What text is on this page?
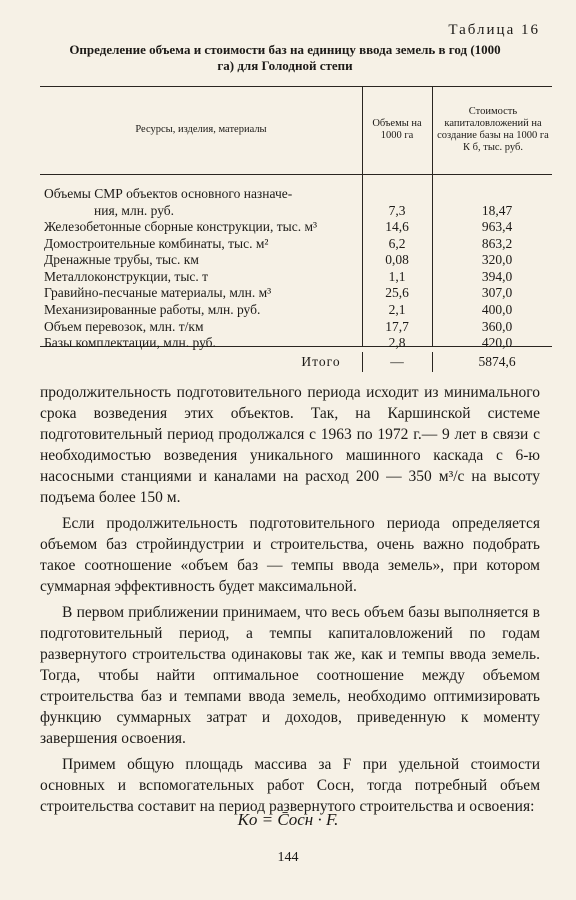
Таблица 16
Определение объема и стоимости баз на единицу ввода земель в год (1000 га) для Голодной степи
Ресурсы, изделия, материалы
Объемы на 1000 га
Стоимость капиталовложений на создание базы на 1000 га К б, тыс. руб.
Объемы СМР объектов основного назначе-
ния, млн. руб.	7,3	18,47
Железобетонные сборные конструкции, тыс. м³	14,6	963,4
Домостроительные комбинаты, тыс. м²	6,2	863,2
Дренажные трубы, тыс. км	0,08	320,0
Металлоконструкции, тыс. т	1,1	394,0
Гравийно-песчаные материалы, млн. м³	25,6	307,0
Механизированные работы, млн. руб.	2,1	400,0
Объем перевозок, млн. т/км	17,7	360,0
Базы комплектации, млн. руб.	2,8	420,0
Итого	—	5874,6

продолжительность подготовительного периода исходит из минимального срока возведения этих объектов. Так, на Каршинской системе подготовительный период продолжался с 1963 по 1972 г.— 9 лет в связи с необходимостью возведения уникального машинного каскада с 6-ю насосными станциями и каналами на расход 200 — 350 м³/с на высоту подъема более 150 м.

Если продолжительность подготовительного периода определяется объемом баз стройиндустрии и строительства, очень важно подобрать такое соотношение «объем баз — темпы ввода земель», при котором суммарная эффективность будет максимальной.

В первом приближении принимаем, что весь объем базы выполняется в подготовительный период, а темпы капиталовложений по годам развернутого строительства одинаковы так же, как и темпы ввода земель. Тогда, чтобы найти оптимальное соотношение между объемом строительства баз и темпами ввода земель, необходимо оптимизировать функцию суммарных затрат и доходов, приведенную к моменту завершения освоения.

Примем общую площадь массива за F при удельной стоимости основных и вспомогательных работ Cосн, тогда потребный объем строительства составит на период развернутого строительства и освоения:

Kо = C̄осн · F.
144
